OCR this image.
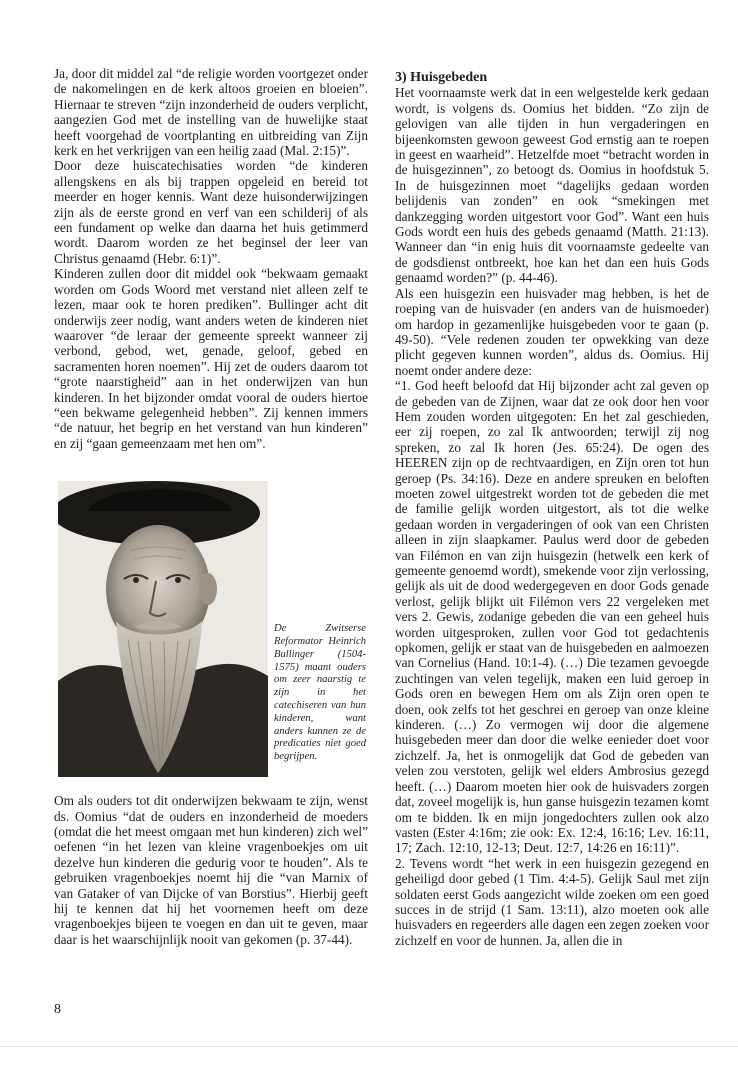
Ja, door dit middel zal “de religie worden voortgezet onder de nakomelingen en de kerk altoos groeien en bloeien”. Hiernaar te streven “zijn inzonderheid de ouders verplicht, aangezien God met de instelling van de huwelijke staat heeft voorgehad de voortplanting en uitbreiding van Zijn kerk en het verkrijgen van een heilig zaad (Mal. 2:15)”.

Door deze huiscatechisaties worden “de kinderen allengskens en als bij trappen opgeleid en bereid tot meerder en hoger kennis. Want deze huisonderwijzingen zijn als de eerste grond en verf van een schilderij of als een fundament op welke dan daarna het huis getimmerd wordt. Daarom worden ze het beginsel der leer van Christus genaamd (Hebr. 6:1)”.

Kinderen zullen door dit middel ook “bekwaam gemaakt worden om Gods Woord met verstand niet alleen zelf te lezen, maar ook te horen prediken”. Bullinger acht dit onderwijs zeer nodig, want anders weten de kinderen niet waarover “de leraar der gemeente spreekt wanneer zij verbond, gebod, wet, genade, geloof, gebed en sacramenten horen noemen”. Hij zet de ouders daarom tot “grote naarstigheid” aan in het onderwijzen van hun kinderen. In het bijzonder omdat vooral de ouders hiertoe “een bekwame gelegenheid hebben”. Zij kennen immers “de natuur, het begrip en het verstand van hun kinderen” en zij “gaan gemeenzaam met hen om”.

De Zwitserse Reformator Heinrich Bullinger (1504-1575) maant ouders om zeer naarstig te zijn in het catechiseren van hun kinderen, want anders kunnen ze de predicaties niet goed begrijpen.

Om als ouders tot dit onderwijzen bekwaam te zijn, wenst ds. Oomius “dat de ouders en inzonderheid de moeders (omdat die het meest omgaan met hun kinderen) zich wel” oefenen “in het lezen van kleine vragenboekjes om uit dezelve hun kinderen die gedurig voor te houden”. Als te gebruiken vragenboekjes noemt hij die “van Marnix of van Gataker of van Dijcke of van Borstius”. Hierbij geeft hij te kennen dat hij het voornemen heeft om deze vragenboekjes bijeen te voegen en dan uit te geven, maar daar is het waarschijnlijk nooit van gekomen (p. 37-44).

3) Huisgebeden

Het voornaamste werk dat in een welgestelde kerk gedaan wordt, is volgens ds. Oomius het bidden. “Zo zijn de gelovigen van alle tijden in hun vergaderingen en bijeenkomsten gewoon geweest God ernstig aan te roepen in geest en waarheid”. Hetzelfde moet “betracht worden in de huisgezinnen”, zo betoogt ds. Oomius in hoofdstuk 5. In de huisgezinnen moet “dagelijks gedaan worden belijdenis van zonden” en ook “smekingen met dankzegging worden uitgestort voor God”. Want een huis Gods wordt een huis des gebeds genaamd (Matth. 21:13). Wanneer dan “in enig huis dit voornaamste gedeelte van de godsdienst ontbreekt, hoe kan het dan een huis Gods genaamd worden?” (p. 44-46).

Als een huisgezin een huisvader mag hebben, is het de roeping van de huisvader (en anders van de huismoeder) om hardop in gezamenlijke huisgebeden voor te gaan (p. 49-50). “Vele redenen zouden ter opwekking van deze plicht gegeven kunnen worden”, aldus ds. Oomius. Hij noemt onder andere deze:

“1. God heeft beloofd dat Hij bijzonder acht zal geven op de gebeden van de Zijnen, waar dat ze ook door hen voor Hem zouden worden uitgegoten: En het zal geschieden, eer zij roepen, zo zal Ik antwoorden; terwijl zij nog spreken, zo zal Ik horen (Jes. 65:24). De ogen des HEEREN zijn op de rechtvaardigen, en Zijn oren tot hun geroep (Ps. 34:16). Deze en andere spreuken en beloften moeten zowel uitgestrekt worden tot de gebeden die met de familie gelijk worden uitgestort, als tot die welke gedaan worden in vergaderingen of ook van een Christen alleen in zijn slaapkamer. Paulus werd door de gebeden van Filémon en van zijn huisgezin (hetwelk een kerk of gemeente genoemd wordt), smekende voor zijn verlossing, gelijk als uit de dood wedergegeven en door Gods genade verlost, gelijk blijkt uit Filémon vers 22 vergeleken met vers 2. Gewis, zodanige gebeden die van een geheel huis worden uitgesproken, zullen voor God tot gedachtenis opkomen, gelijk er staat van de huisgebeden en aalmoezen van Cornelius (Hand. 10:1-4). (…) Die tezamen gevoegde zuchtingen van velen tegelijk, maken een luid geroep in Gods oren en bewegen Hem om als Zijn oren open te doen, ook zelfs tot het geschrei en geroep van onze kleine kinderen. (…) Zo vermogen wij door die algemene huisgebeden meer dan door die welke eenieder doet voor zichzelf. Ja, het is onmogelijk dat God de gebeden van velen zou verstoten, gelijk wel elders Ambrosius gezegd heeft. (…) Daarom moeten hier ook de huisvaders zorgen dat, zoveel mogelijk is, hun ganse huisgezin tezamen komt om te bidden. Ik en mijn jongedochters zullen ook alzo vasten (Ester 4:16m; zie ook: Ex. 12:4, 16:16; Lev. 16:11, 17; Zach. 12:10, 12-13; Deut. 12:7, 14:26 en 16:11)”.

2. Tevens wordt “het werk in een huisgezin gezegend en geheiligd door gebed (1 Tim. 4:4-5). Gelijk Saul met zijn soldaten eerst Gods aangezicht wilde zoeken om een goed succes in de strijd (1 Sam. 13:11), alzo moeten ook alle huisvaders en regeerders alle dagen een zegen zoeken voor zichzelf en voor de hunnen. Ja, allen die in

8
